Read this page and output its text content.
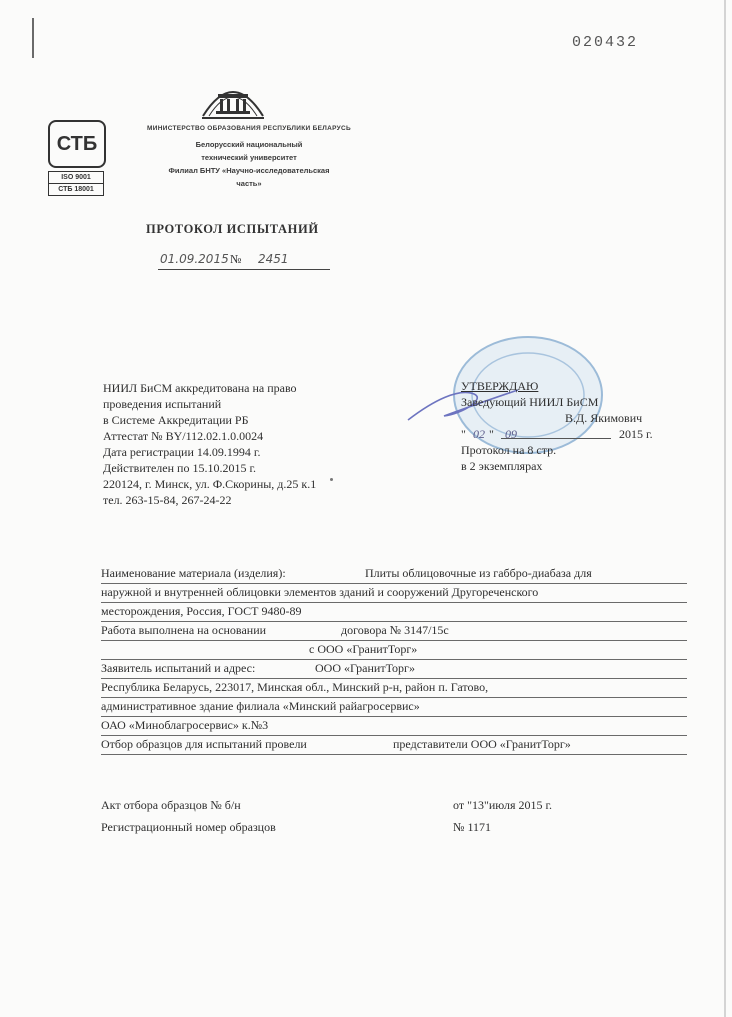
020432
СТБ
ISO 9001
СТБ 18001
МИНИСТЕРСТВО ОБРАЗОВАНИЯ РЕСПУБЛИКИ БЕЛАРУСЬ
Белорусский национальный
технический университет
Филиал БНТУ «Научно-исследовательская
часть»
ПРОТОКОЛ ИСПЫТАНИЙ
01.09.2015 № 2451
НИИЛ БиСМ аккредитована на право
проведения испытаний
в Системе Аккредитации РБ
Аттестат № BY/112.02.1.0.0024
Дата регистрации 14.09.1994 г.
Действителен по 15.10.2015 г.
220124, г. Минск, ул. Ф.Скорины, д.25 к.1
тел. 263-15-84, 267-24-22
УТВЕРЖДАЮ
Заведующий НИИЛ БиСМ
В.Д. Якимович
" 02 " 09	2015 г.
Протокол на 8 стр.
в 2 экземплярах
Наименование материала (изделия):	Плиты облицовочные из габбро-диабаза для
наружной и внутренней облицовки элементов зданий и сооружений Другореченского
месторождения, Россия, ГОСТ 9480-89
Работа выполнена на основании	договора № 3147/15с
с ООО «ГранитТорг»
Заявитель испытаний и адрес:	ООО «ГранитТорг»
Республика Беларусь, 223017, Минская обл., Минский р-н, район п. Гатово,
административное здание филиала «Минский райагросервис»
ОАО «Миноблагросервис» к.№3
Отбор образцов для испытаний провели	представители ООО «ГранитТорг»
Акт отбора образцов № б/н	от "13"июля 2015 г.
Регистрационный номер образцов	№ 1171
